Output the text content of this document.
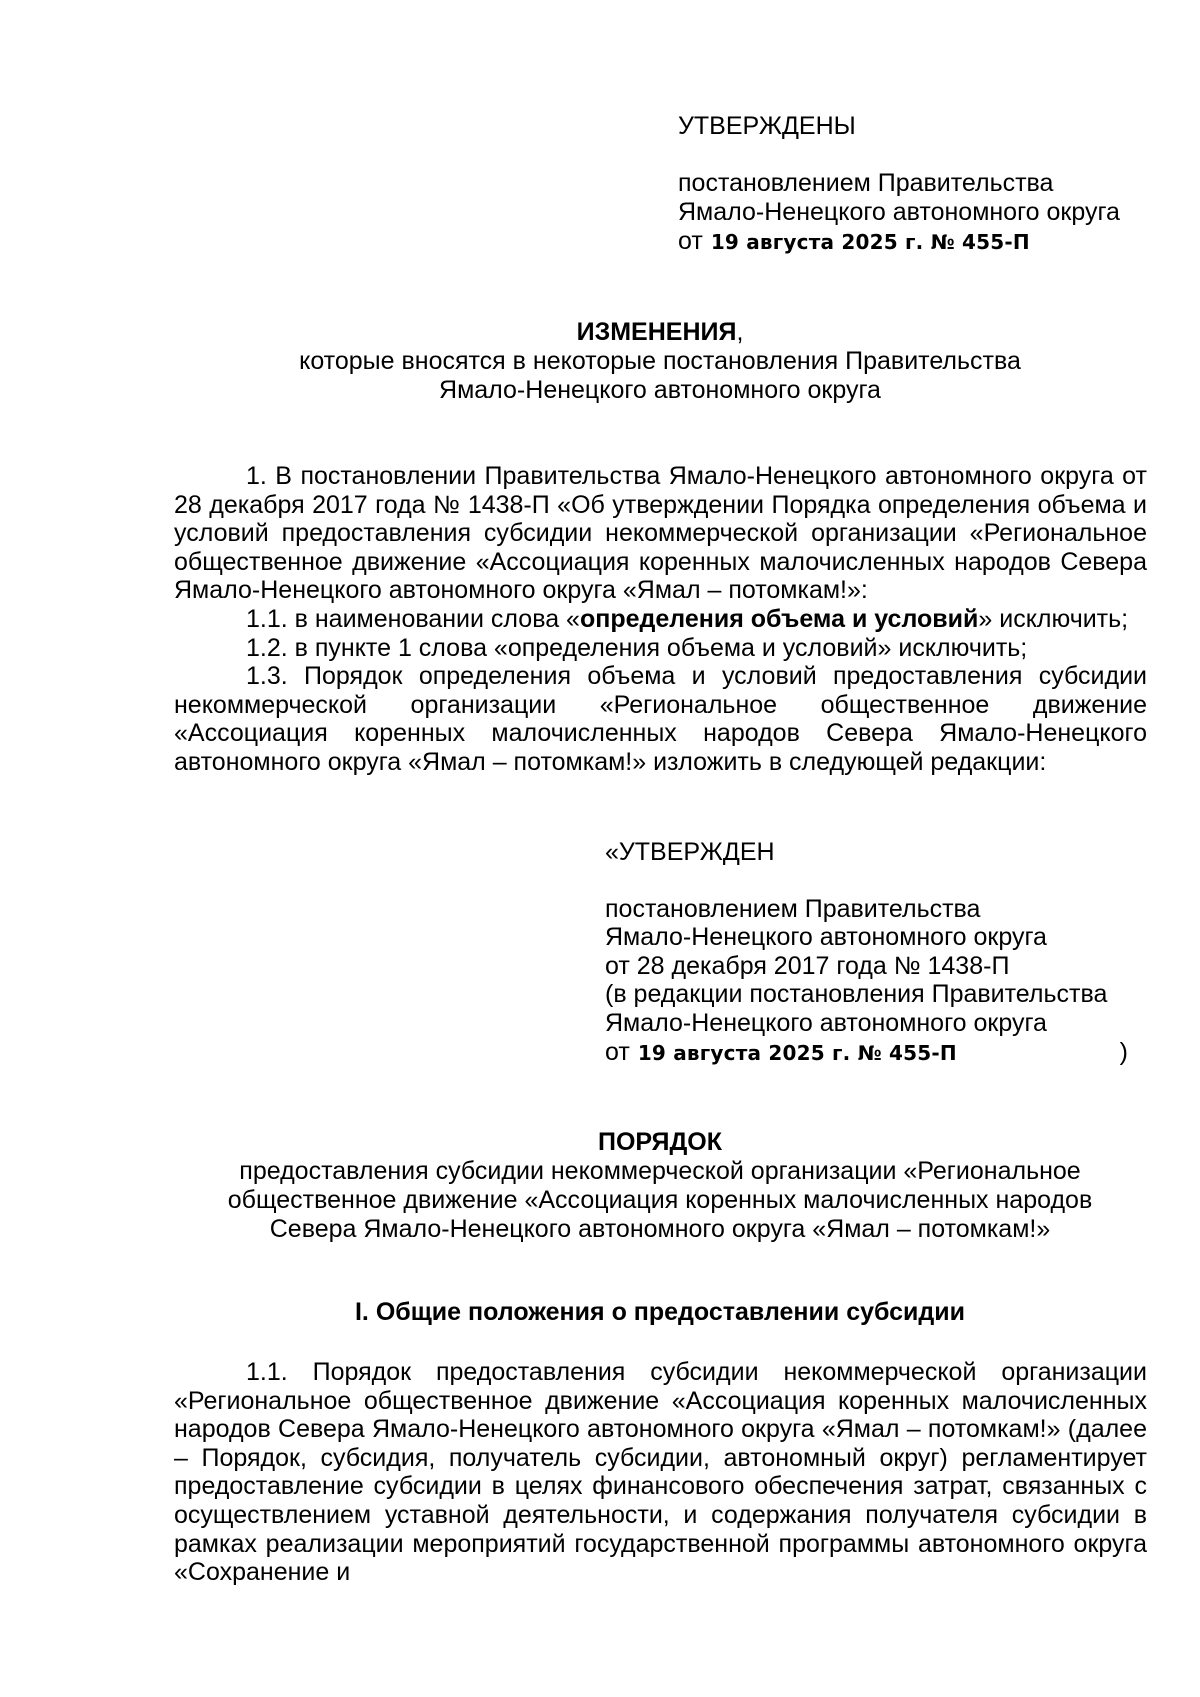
УТВЕРЖДЕНЫ
постановлением Правительства
Ямало-Ненецкого автономного округа
от 19 августа 2025 г. № 455-П
ИЗМЕНЕНИЯ,
которые вносятся в некоторые постановления Правительства
Ямало-Ненецкого автономного округа

1. В постановлении Правительства Ямало-Ненецкого автономного округа от 28 декабря 2017 года № 1438-П «Об утверждении Порядка определения объема и условий предоставления субсидии некоммерческой организации «Региональное общественное движение «Ассоциация коренных малочисленных народов Севера Ямало-Ненецкого автономного округа «Ямал – потомкам!»:

1.1. в наименовании слова «определения объема и условий» исключить;

1.2. в пункте 1 слова «определения объема и условий» исключить;

1.3. Порядок определения объема и условий предоставления субсидии некоммерческой организации «Региональное общественное движение «Ассоциация коренных малочисленных народов Севера Ямало-Ненецкого автономного округа «Ямал – потомкам!» изложить в следующей редакции:

«УТВЕРЖДЕН
постановлением Правительства
Ямало-Ненецкого автономного округа
от 28 декабря 2017 года № 1438-П
(в редакции постановления Правительства
Ямало-Ненецкого автономного округа
от 19 августа 2025 г. № 455-П	)
ПОРЯДОК
предоставления субсидии некоммерческой организации «Региональное
общественное движение «Ассоциация коренных малочисленных народов
Севера Ямало-Ненецкого автономного округа «Ямал – потомкам!»
I. Общие положения о предоставлении субсидии

1.1. Порядок предоставления субсидии некоммерческой организации «Региональное общественное движение «Ассоциация коренных малочисленных народов Севера Ямало-Ненецкого автономного округа «Ямал – потомкам!» (далее – Порядок, субсидия, получатель субсидии, автономный округ) регламентирует предоставление субсидии в целях финансового обеспечения затрат, связанных с осуществлением уставной деятельности, и содержания получателя субсидии в рамках реализации мероприятий государственной программы автономного округа «Сохранение и
